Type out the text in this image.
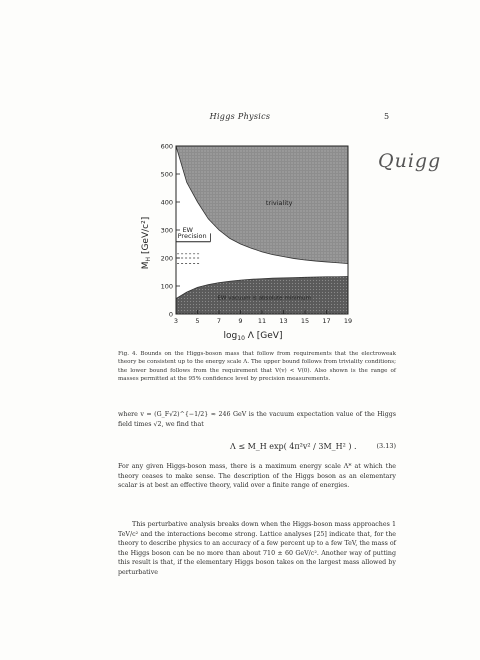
Higgs Physics	5
Quigg
0
100
200
300
400
500
600
3	5	7	9 11 13 15 17 19
triviality
EW vacuum is absolute minimum
EW
Precision
$M_H$ [GeV/c²]
$\log_{10} \Lambda$ [GeV]
Fig. 4. Bounds on the Higgs-boson mass that follow from requirements that the electroweak theory be consistent up to the energy scale Λ. The upper bound follows from triviality conditions; the lower bound follows from the requirement that V(v) < V(0). Also shown is the range of masses permitted at the 95% confidence level by precision measurements.
where v = (G_F√2)^{−1/2} ≈ 246 GeV is the vacuum expectation value of the Higgs field times √2, we find that
Λ ≤ M_H exp( 4π²v² / 3M_H² ) .	(3.13)
For any given Higgs-boson mass, there is a maximum energy scale Λ* at which the theory ceases to make sense. The description of the Higgs boson as an elementary scalar is at best an effective theory, valid over a finite range of energies.
This perturbative analysis breaks down when the Higgs-boson mass approaches 1 TeV/c² and the interactions become strong. Lattice analyses [25] indicate that, for the theory to describe physics to an accuracy of a few percent up to a few TeV, the mass of the Higgs boson can be no more than about 710 ± 60 GeV/c². Another way of putting this result is that, if the elementary Higgs boson takes on the largest mass allowed by perturbative
